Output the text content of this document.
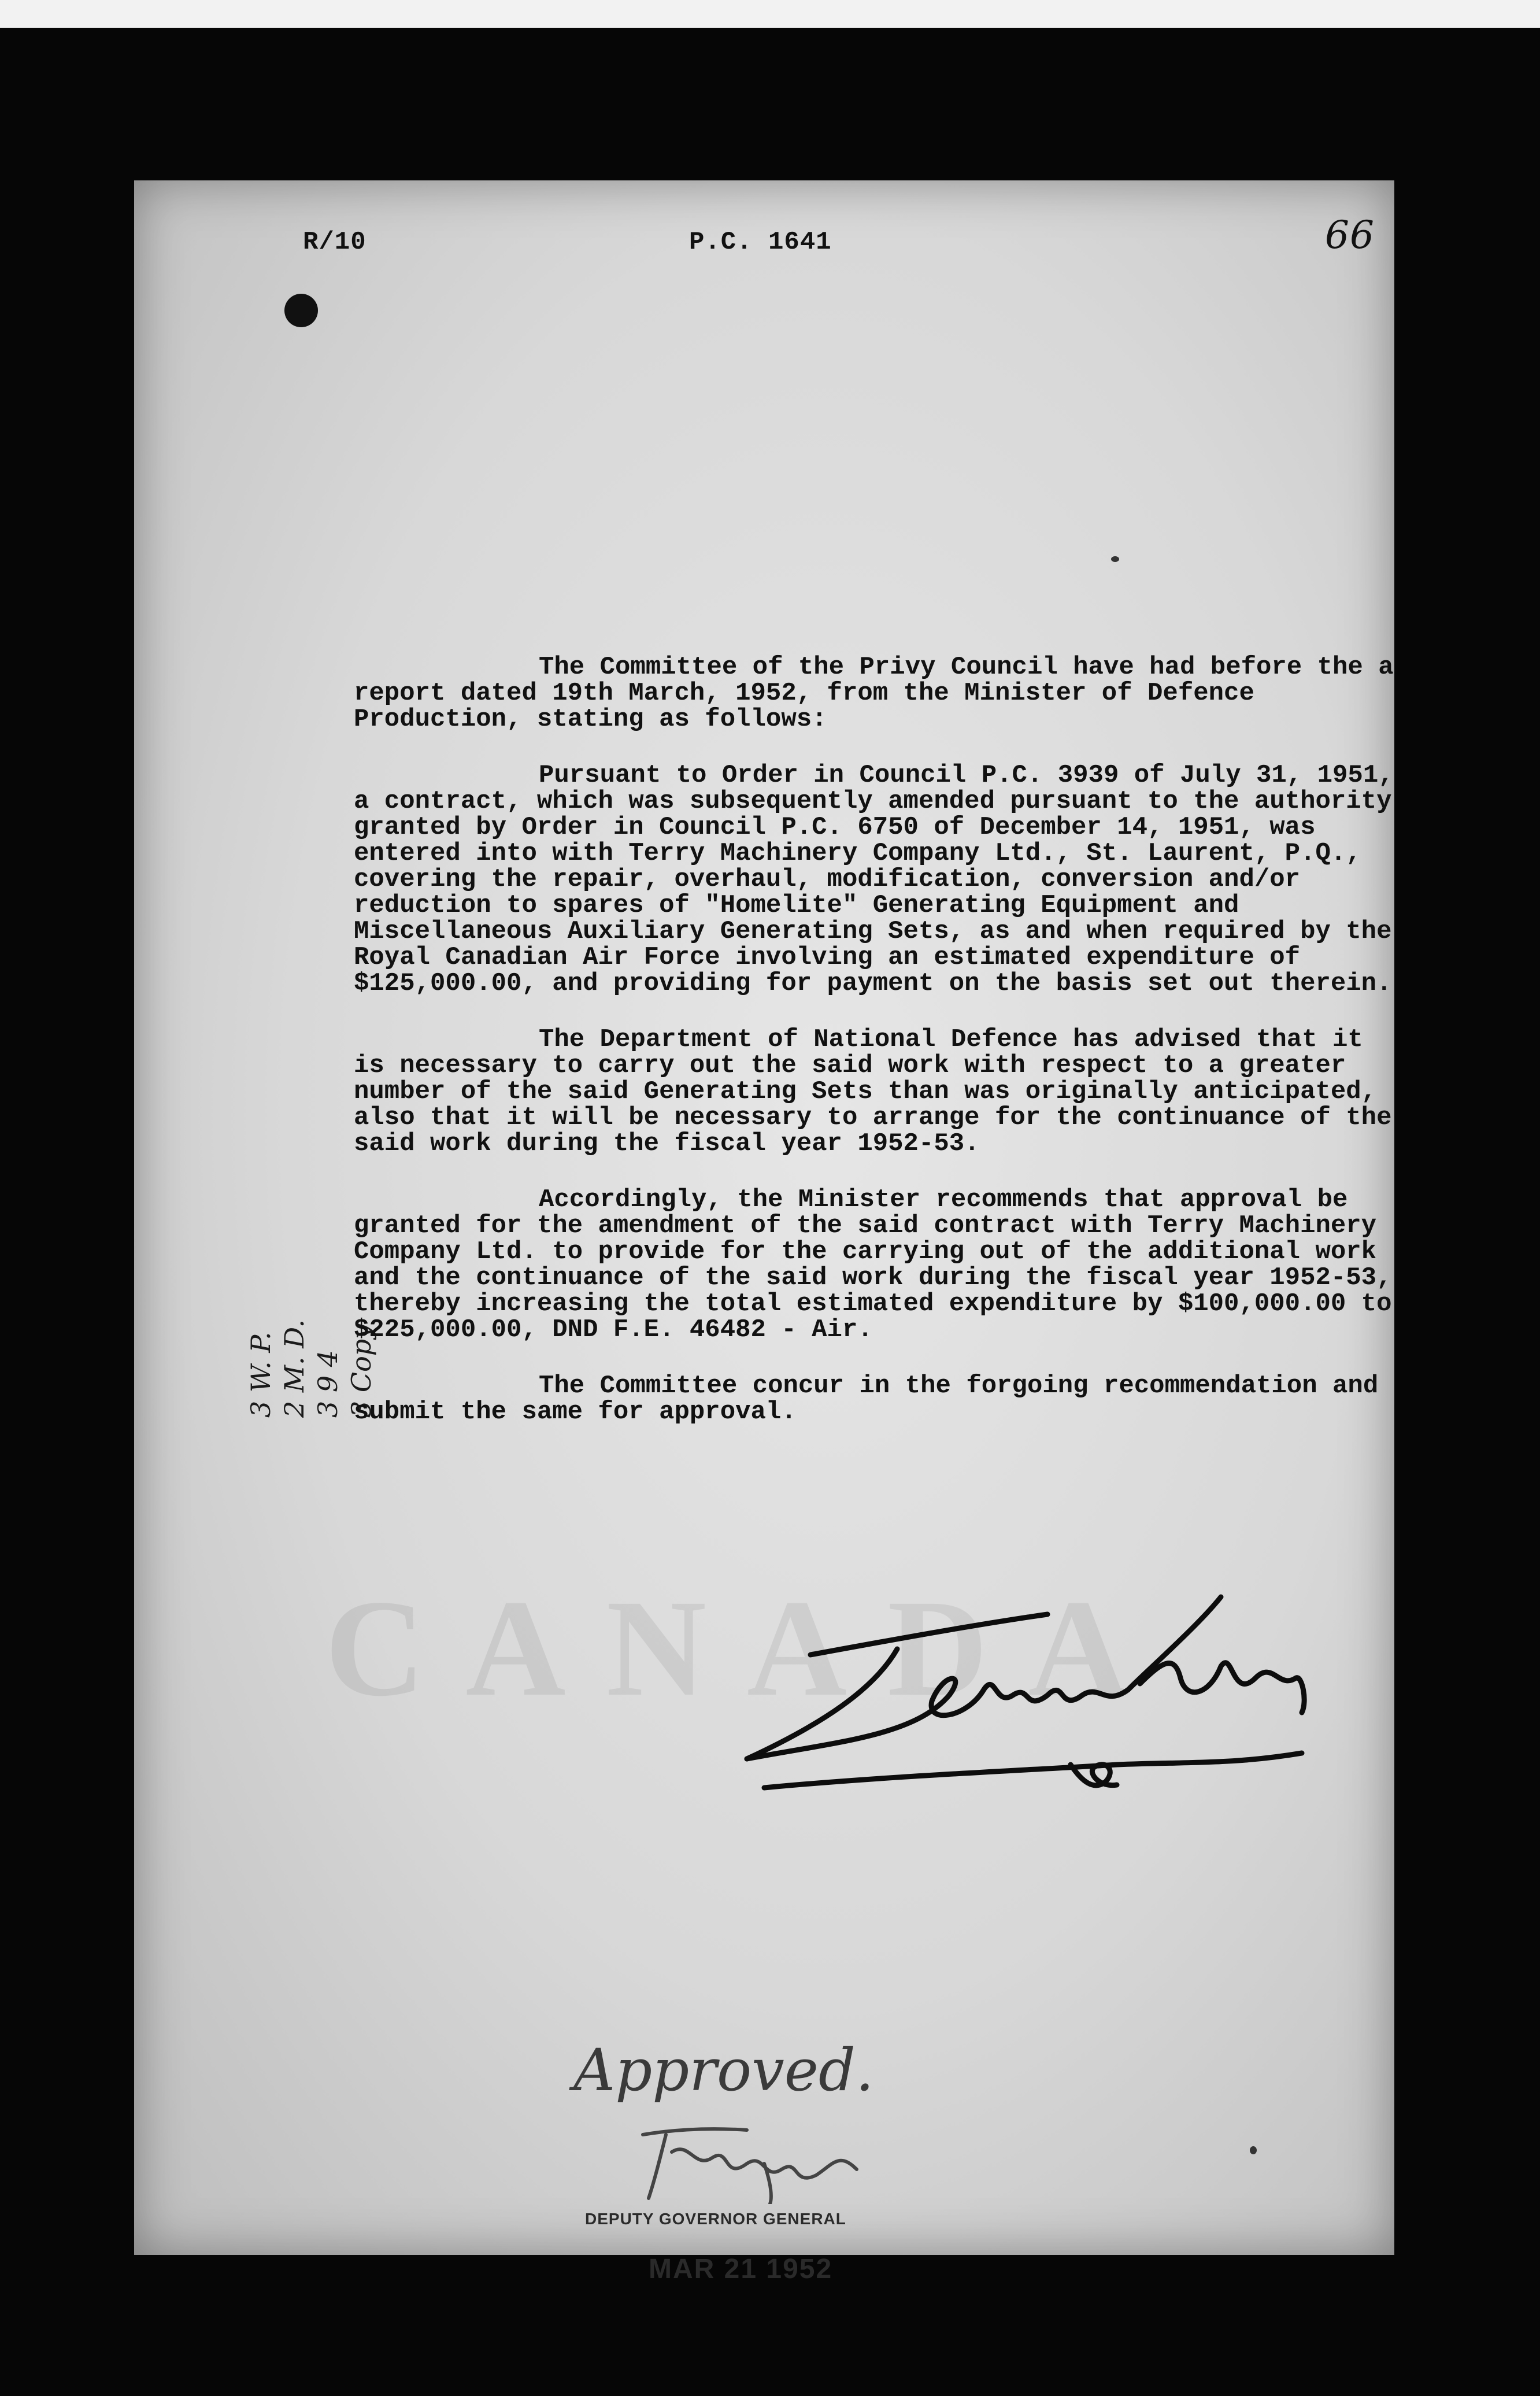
CANADA
R/10	P.C. 1641	66
3 W. P.
2 M. D.
3 9 4
3 Copy

The Committee of the Privy Council have had before the a report dated 19th March, 1952, from the Minister of Defence Production, stating as follows:

Pursuant to Order in Council P.C. 3939 of July 31, 1951, a contract, which was subsequently amended pursuant to the authority granted by Order in Council P.C. 6750 of December 14, 1951, was entered into with Terry Machinery Company Ltd., St. Laurent, P.Q., covering the repair, overhaul, modification, conversion and/or reduction to spares of "Homelite" Generating Equipment and Miscellaneous Auxiliary Generating Sets, as and when required by the Royal Canadian Air Force involving an estimated expenditure of $125,000.00, and providing for payment on the basis set out therein.

The Department of National Defence has advised that it is necessary to carry out the said work with respect to a greater number of the said Generating Sets than was originally anticipated, also that it will be necessary to arrange for the continuance of the said work during the fiscal year 1952-53.

Accordingly, the Minister recommends that approval be granted for the amendment of the said contract with Terry Machinery Company Ltd. to provide for the carrying out of the additional work and the continuance of the said work during the fiscal year 1952-53, thereby increasing the total estimated expenditure by $100,000.00 to $225,000.00, DND F.E. 46482 - Air.

The Committee concur in the forgoing recommendation and submit the same for approval.

Approved.
DEPUTY GOVERNOR GENERAL
MAR 21 1952
